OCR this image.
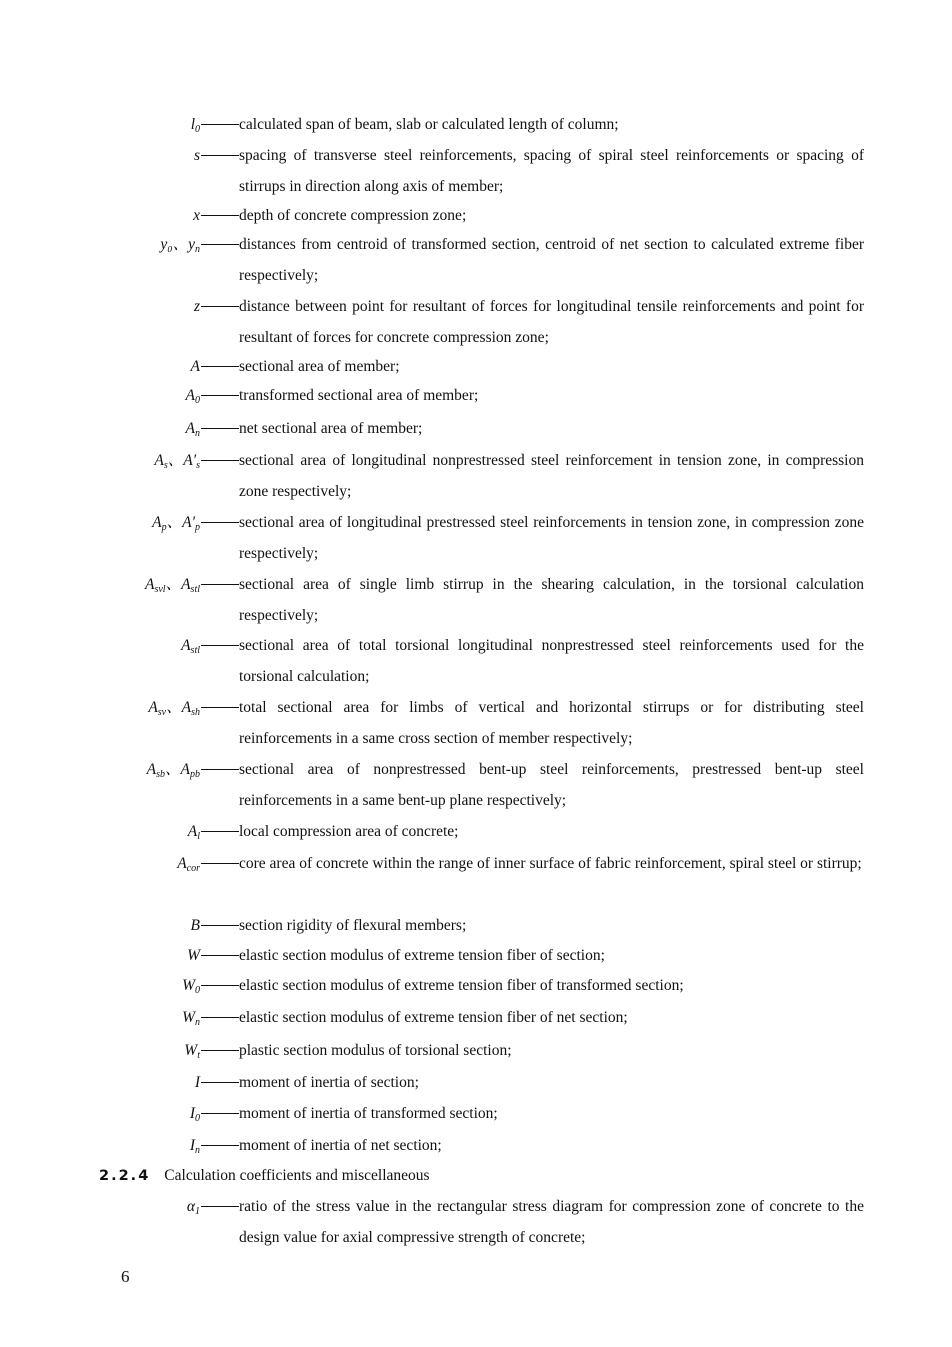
$l_0$	calculated span of beam, slab or calculated length of column;
s	spacing of transverse steel reinforcements, spacing of spiral steel reinforcements or spacing of stirrups in direction along axis of member;
x	depth of concrete compression zone;
y₀、$y_n$	distances from centroid of transformed section, centroid of net section to calculated extreme fiber respectively;
z	distance between point for resultant of forces for longitudinal tensile reinforcements and point for resultant of forces for concrete compression zone;
A	sectional area of member;
$A_0$	transformed sectional area of member;
$A_n$	net sectional area of member;
$A_s$、$A'_s$	sectional area of longitudinal nonprestressed steel reinforcement in tension zone, in compression zone respectively;
$A_p$、$A'_p$	sectional area of longitudinal prestressed steel reinforcements in tension zone, in compression zone respectively;
$A_{svl}$、$A_{stl}$	sectional area of single limb stirrup in the shearing calculation, in the torsional calculation respectively;
$A_{stl}$	sectional area of total torsional longitudinal nonprestressed steel reinforcements used for the torsional calculation;
$A_{sv}$、$A_{sh}$	total sectional area for limbs of vertical and horizontal stirrups or for distributing steel reinforcements in a same cross section of member respectively;
$A_{sb}$、$A_{pb}$	sectional area of nonprestressed bent-up steel reinforcements, prestressed bent-up steel reinforcements in a same bent-up plane respectively;
$A_l$	local compression area of concrete;
$A_{cor}$	core area of concrete within the range of inner surface of fabric reinforcement, spiral steel or stirrup;
B	section rigidity of flexural members;
W	elastic section modulus of extreme tension fiber of section;
$W_0$	elastic section modulus of extreme tension fiber of transformed section;
$W_n$	elastic section modulus of extreme tension fiber of net section;
$W_t$	plastic section modulus of torsional section;
I	moment of inertia of section;
$I_0$	moment of inertia of transformed section;
$I_n$	moment of inertia of net section;
2.2.4 Calculation coefficients and miscellaneous
$\alpha_1$	ratio of the stress value in the rectangular stress diagram for compression zone of concrete to the design value for axial compressive strength of concrete;
6
